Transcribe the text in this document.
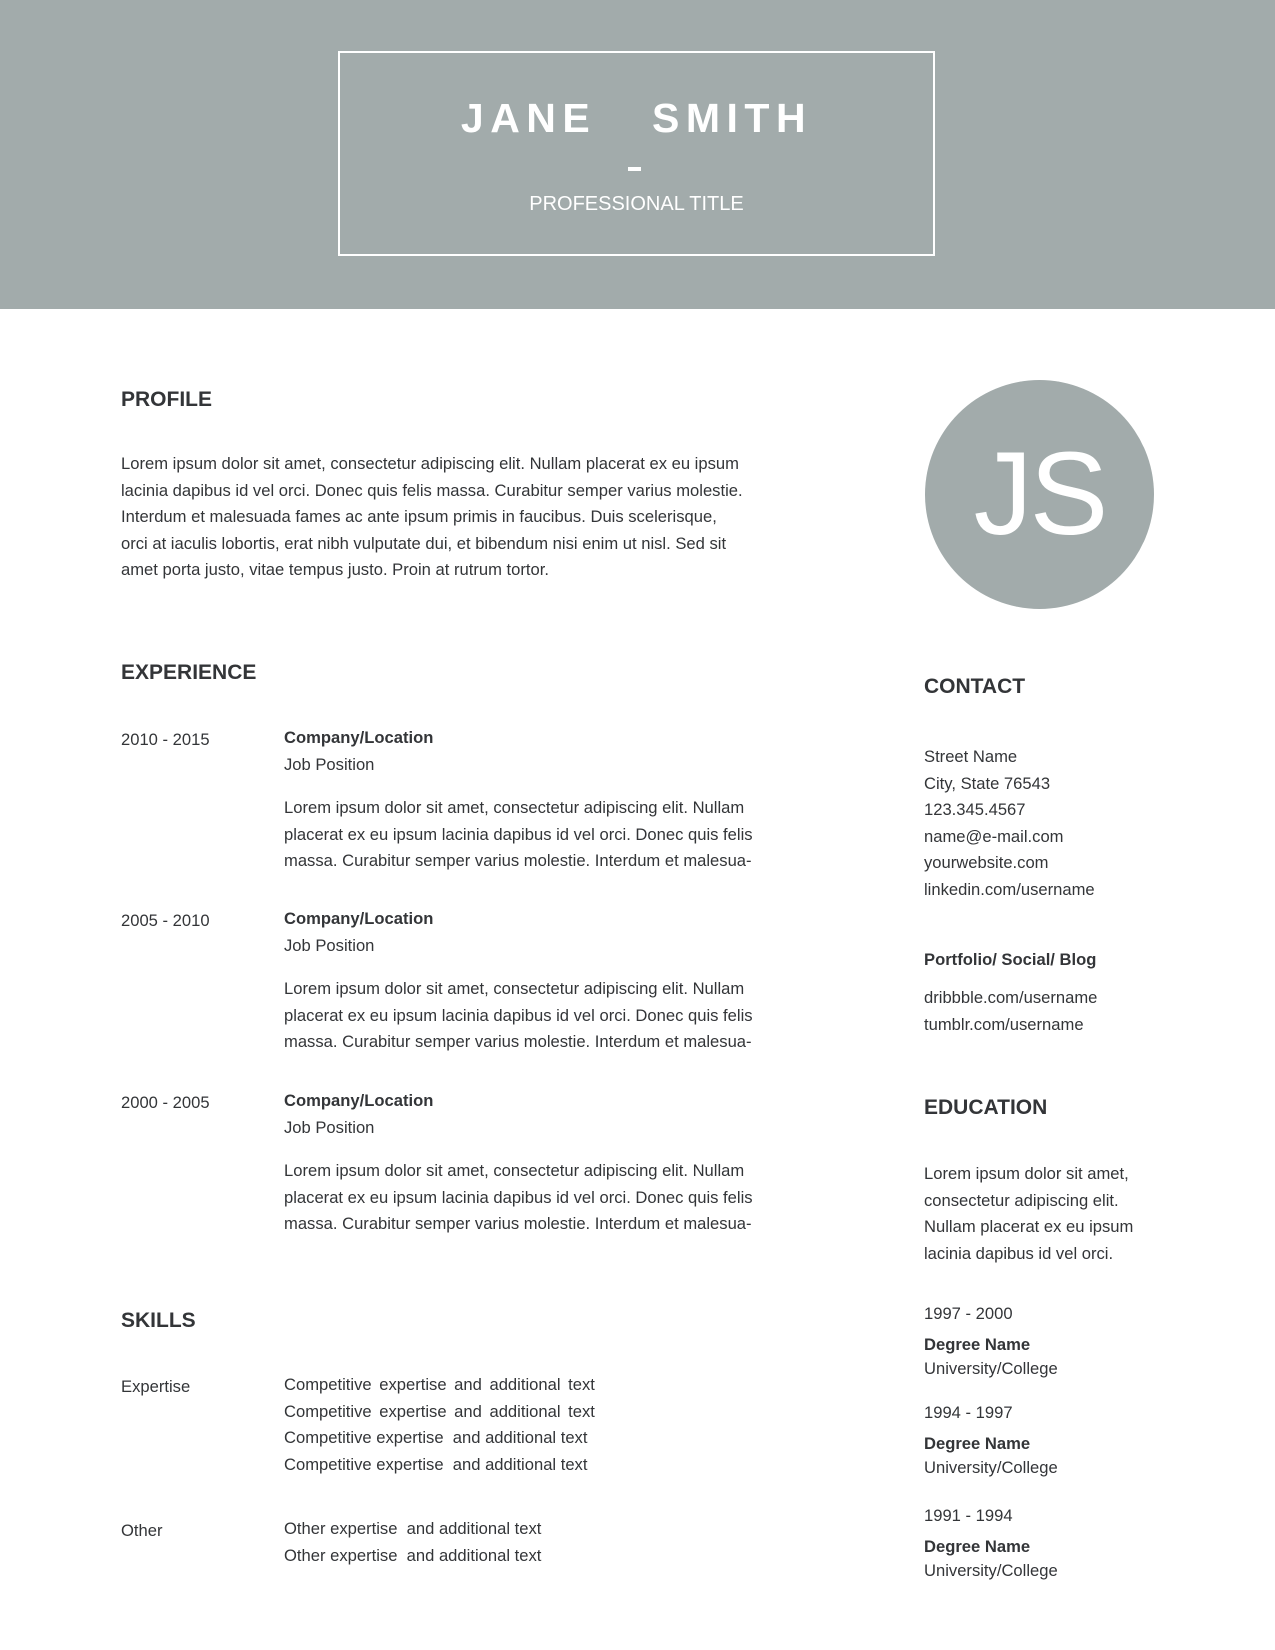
JANE  SMITH
PROFESSIONAL TITLE
PROFILE
Lorem ipsum dolor sit amet, consectetur adipiscing elit. Nullam placerat ex eu ipsum
lacinia dapibus id vel orci. Donec quis felis massa. Curabitur semper varius molestie.
Interdum et malesuada fames ac ante ipsum primis in faucibus. Duis scelerisque,
orci at iaculis lobortis, erat nibh vulputate dui, et bibendum nisi enim ut nisl. Sed sit
amet porta justo, vitae tempus justo. Proin at rutrum tortor.
JS
EXPERIENCE
2010 - 2015	Company/Location
Job Position
Lorem ipsum dolor sit amet, consectetur adipiscing elit. Nullam
placerat ex eu ipsum lacinia dapibus id vel orci. Donec quis felis
massa. Curabitur semper varius molestie. Interdum et malesua-
2005 - 2010	Company/Location
Job Position
Lorem ipsum dolor sit amet, consectetur adipiscing elit. Nullam
placerat ex eu ipsum lacinia dapibus id vel orci. Donec quis felis
massa. Curabitur semper varius molestie. Interdum et malesua-
2000 - 2005	Company/Location
Job Position
Lorem ipsum dolor sit amet, consectetur adipiscing elit. Nullam
placerat ex eu ipsum lacinia dapibus id vel orci. Donec quis felis
massa. Curabitur semper varius molestie. Interdum et malesua-
SKILLS
Expertise	Competitive expertise and additional text
Competitive expertise and additional text
Competitive expertise  and additional text
Competitive expertise  and additional text
Other	Other expertise  and additional text
Other expertise  and additional text
CONTACT
Street Name
City, State 76543
123.345.4567
name@e-mail.com
yourwebsite.com
linkedin.com/username
Portfolio/ Social/ Blog
dribbble.com/username
tumblr.com/username
EDUCATION
Lorem ipsum dolor sit amet,
consectetur adipiscing elit.
Nullam placerat ex eu ipsum
lacinia dapibus id vel orci.
1997 - 2000
Degree Name
University/College
1994 - 1997
Degree Name
University/College
1991 - 1994
Degree Name
University/College
